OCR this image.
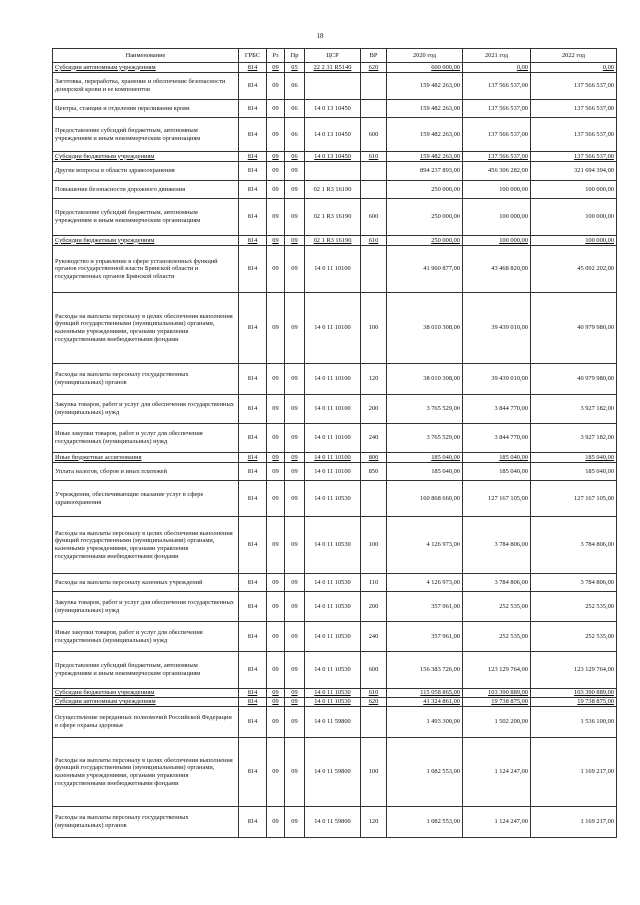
18
Наименование	ГРБС	Рз	Пр	ЦСР	ВР	2020 год	2021 год	2022 год
Субсидии автономным учреждениям	814	09	05	22 2 31 R5140	620	600 000,00	0,00	0,00
Заготовка, переработка, хранение и обеспечение безопасности донорской крови и ее компонентов	814	09	06			159 482 263,00	137 566 537,00	137 566 537,00
Центры, станции и отделения переливания крови	814	09	06	14 0 13 10450		159 482 263,00	137 566 537,00	137 566 537,00
Предоставление субсидий бюджетным, автономным учреждениям и иным некоммерческим организациям	814	09	06	14 0 13 10450	600	159 482 263,00	137 566 537,00	137 566 537,00
Субсидии бюджетным учреждениям	814	09	06	14 0 13 10450	610	159 482 263,00	137 566 537,00	137 566 537,00
Другие вопросы в области здравоохранения	814	09	09			894 237 893,00	456 306 282,00	321 694 394,00
Повышение безопасности дорожного движения	814	09	09	02 1 R3 16190		250 000,00	100 000,00	100 000,00
Предоставление субсидий бюджетным, автономным учреждениям и иным некоммерческим организациям	814	09	09	02 1 R3 16190	600	250 000,00	100 000,00	100 000,00
Субсидии бюджетным учреждениям	814	09	09	02 1 R3 16190	610	250 000,00	100 000,00	100 000,00
Руководство и управление в сфере установленных функций органов государственной власти Брянской области и государственных органов Брянской области	814	09	09	14 0 11 10100		41 960 877,00	43 468 820,00	45 092 202,00
Расходы на выплаты персоналу в целях обеспечения выполнения функций государственными (муниципальными) органами, казенными учреждениями, органами управления государственными внебюджетными фондами	814	09	09	14 0 11 10100	100	38 010 308,00	39 439 010,00	40 979 980,00
Расходы на выплаты персоналу государственных (муниципальных) органов	814	09	09	14 0 11 10100	120	38 010 308,00	39 439 010,00	40 979 980,00
Закупка товаров, работ и услуг для обеспечения государственных (муниципальных) нужд	814	09	09	14 0 11 10100	200	3 765 529,00	3 844 770,00	3 927 182,00
Иные закупки товаров, работ и услуг для обеспечения государственных (муниципальных) нужд	814	09	09	14 0 11 10100	240	3 765 529,00	3 844 770,00	3 927 182,00
Иные бюджетные ассигнования	814	09	09	14 0 11 10100	800	185 040,00	185 040,00	185 040,00
Уплата налогов, сборов и иных платежей	814	09	09	14 0 11 10100	850	185 040,00	185 040,00	185 040,00
Учреждения, обеспечивающие оказание услуг в сфере здравоохранения	814	09	09	14 0 11 10530		160 868 660,00	127 167 105,00	127 167 105,00
Расходы на выплаты персоналу в целях обеспечения выполнения функций государственными (муниципальными) органами, казенными учреждениями, органами управления государственными внебюджетными фондами	814	09	09	14 0 11 10530	100	4 126 973,00	3 784 806,00	3 784 806,00
Расходы на выплаты персоналу казенных учреждений	814	09	09	14 0 11 10530	110	4 126 973,00	3 784 806,00	3 784 806,00
Закупка товаров, работ и услуг для обеспечения государственных (муниципальных) нужд	814	09	09	14 0 11 10530	200	357 961,00	252 535,00	252 535,00
Иные закупки товаров, работ и услуг для обеспечения государственных (муниципальных) нужд	814	09	09	14 0 11 10530	240	357 961,00	252 535,00	252 535,00
Предоставление субсидий бюджетным, автономным учреждениям и иным некоммерческим организациям	814	09	09	14 0 11 10530	600	156 383 726,00	123 129 764,00	123 129 764,00
Субсидии бюджетным учреждениям	814	09	09	14 0 11 10530	610	115 058 865,00	103 390 889,00	103 390 889,00
Субсидии автономным учреждениям	814	09	09	14 0 11 10530	620	41 324 861,00	19 738 875,00	19 738 875,00
Осуществление переданных полномочий Российской Федерации в сфере охраны здоровья	814	09	09	14 0 11 59800		1 493 300,00	1 502 200,00	1 536 100,00
Расходы на выплаты персоналу в целях обеспечения выполнения функций государственными (муниципальными) органами, казенными учреждениями, органами управления государственными внебюджетными фондами	814	09	09	14 0 11 59800	100	1 082 553,00	1 124 247,00	1 169 217,00
Расходы на выплаты персоналу государственных (муниципальных) органов	814	09	09	14 0 11 59800	120	1 082 553,00	1 124 247,00	1 169 217,00
